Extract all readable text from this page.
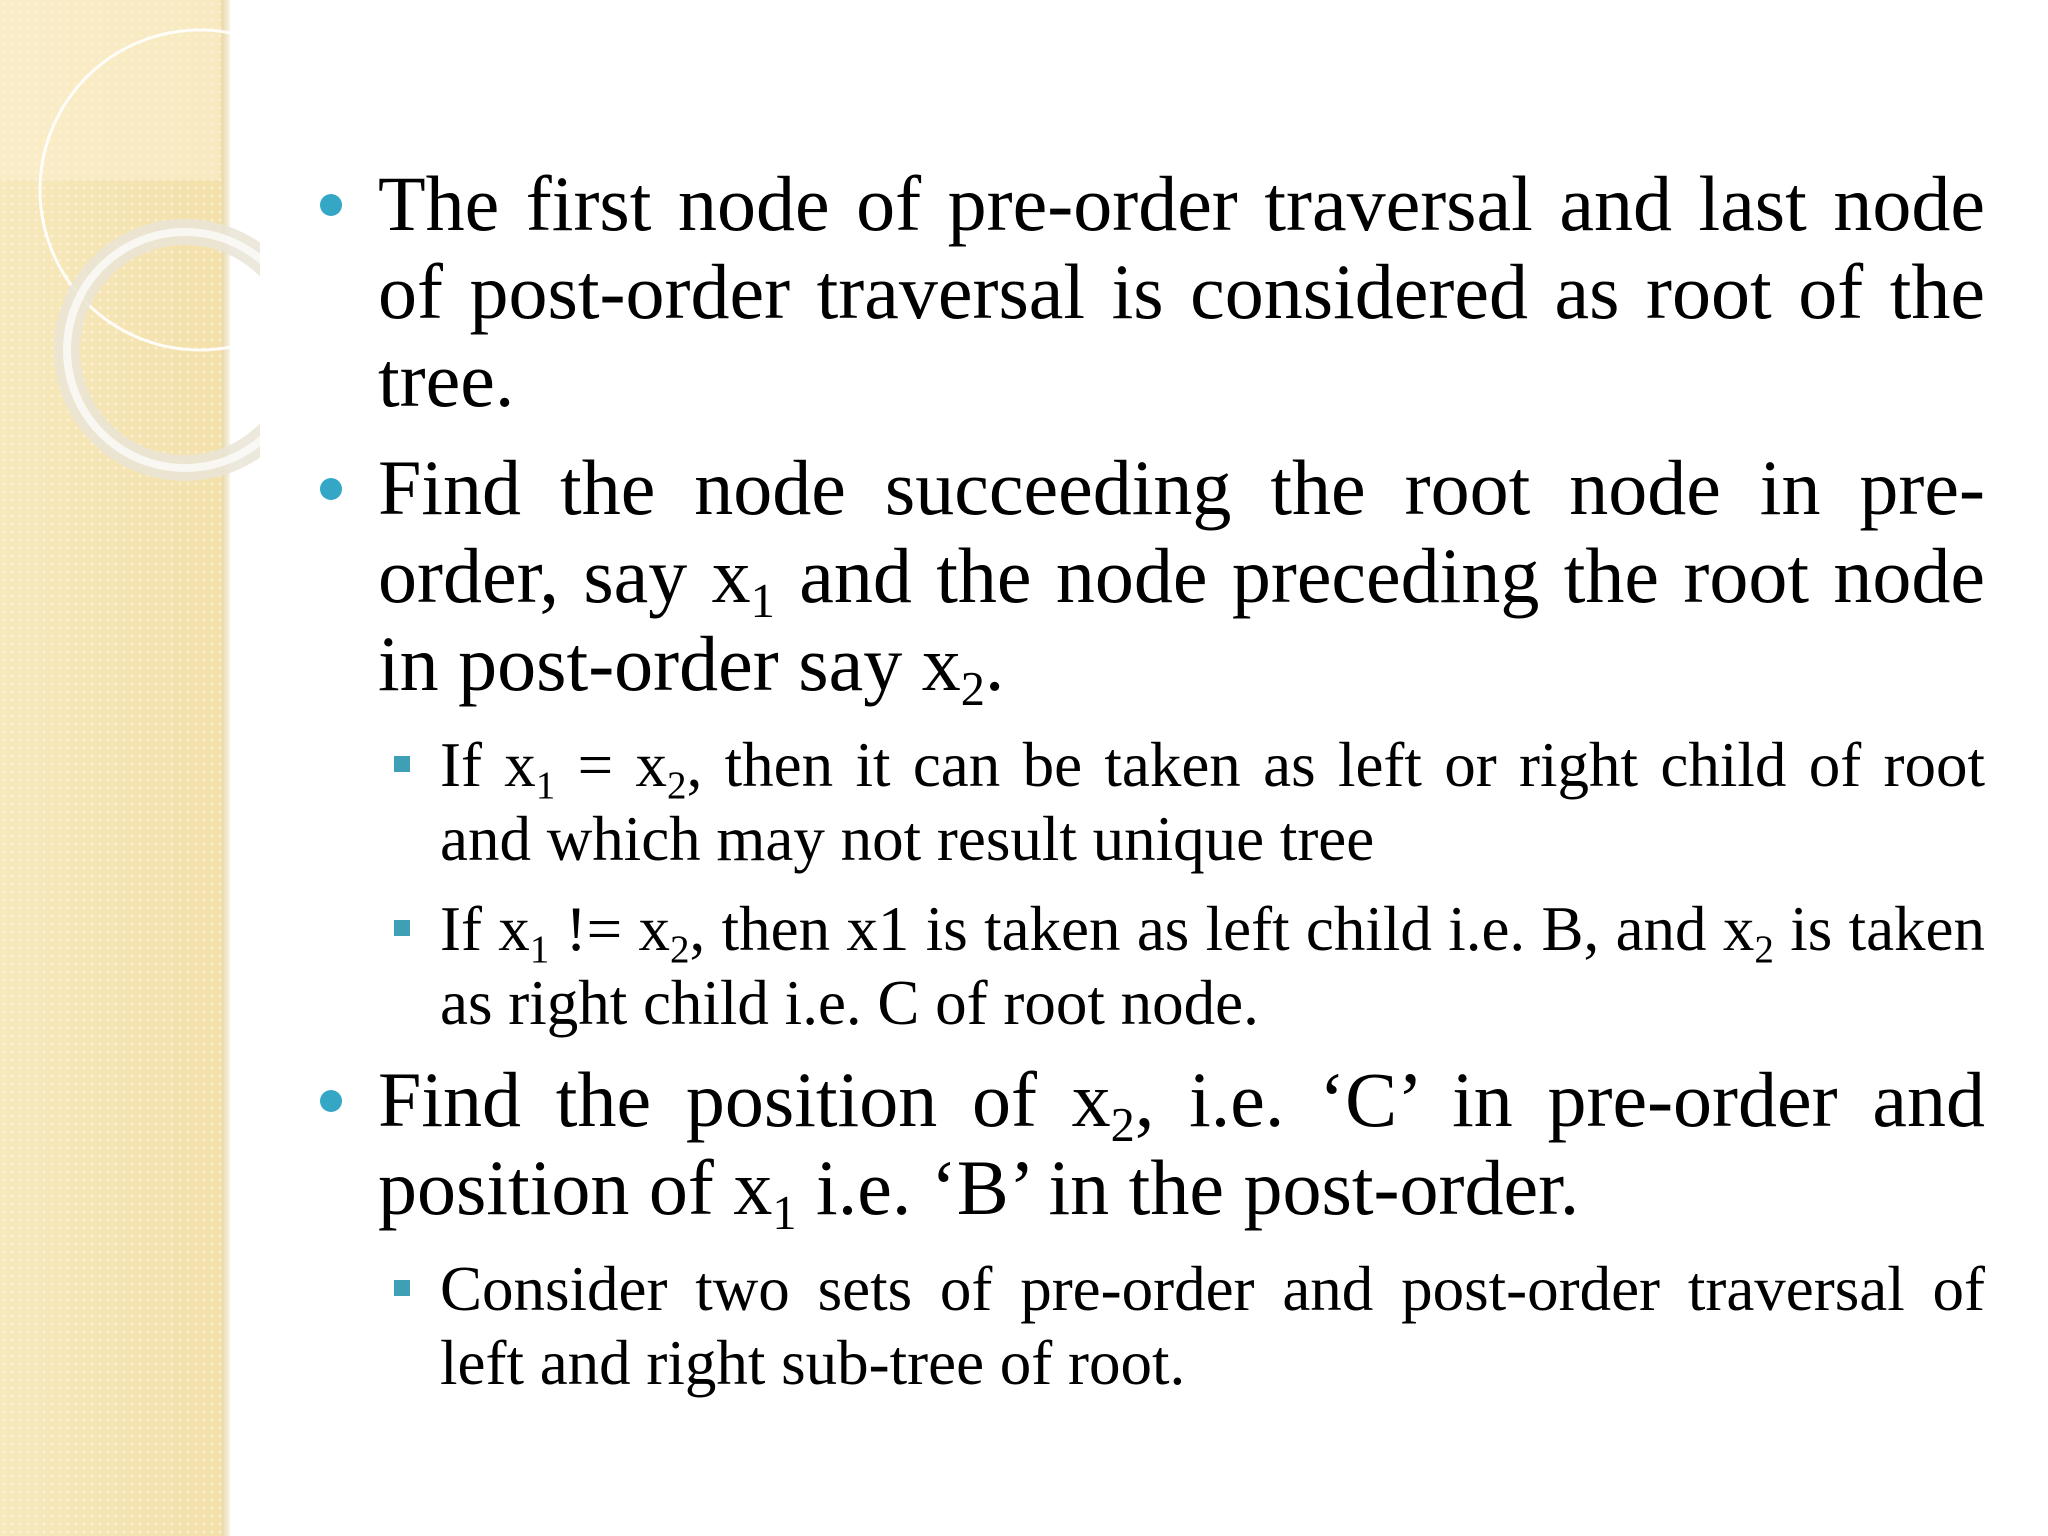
The first node of pre-order traversal and last node of post-order traversal is considered as root of the tree.
Find the node succeeding the root node in pre-order, say $x_1$ and the node preceding the root node in post-order say $x_2$.
If $x_1 = x_2$, then it can be taken as left or right child of root and which may not result unique tree
If $x_1$ != $x_2$, then x1 is taken as left child i.e. B, and $x_2$ is taken as right child i.e. C of root node.
Find the position of $x_2$, i.e. ‘C’ in pre-order and position of $x_1$ i.e. ‘B’ in the post-order.
Consider two sets of pre-order and post-order traversal of left and right sub-tree of root.
